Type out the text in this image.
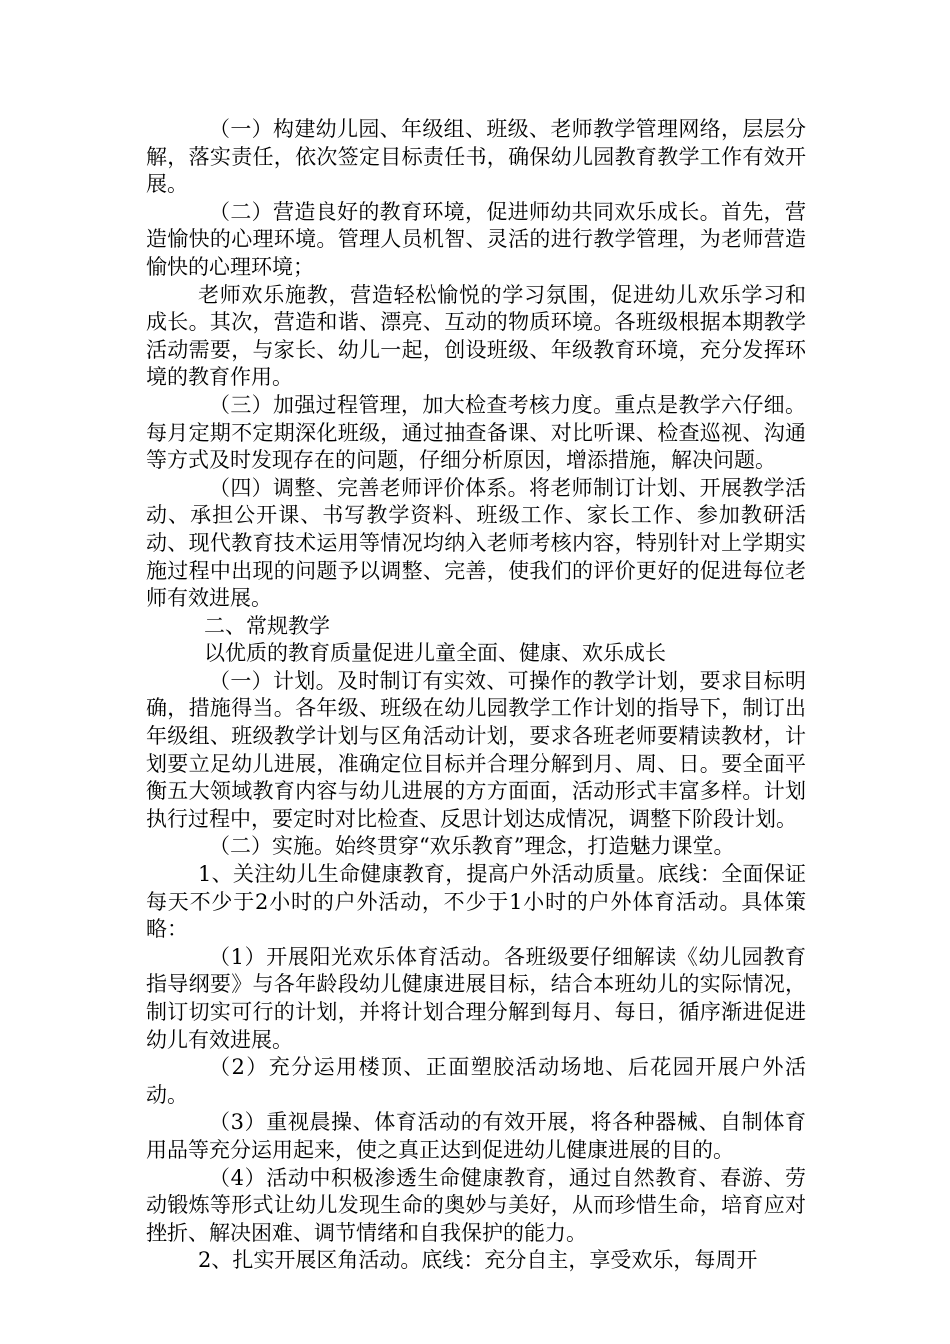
（一）构建幼儿园、年级组、班级、老师教学管理网络，层层分解，落实责任，依次签定目标责任书，确保幼儿园教育教学工作有效开展。

（二）营造良好的教育环境，促进师幼共同欢乐成长。首先，营造愉快的心理环境。管理人员机智、灵活的进行教学管理，为老师营造愉快的心理环境；

老师欢乐施教，营造轻松愉悦的学习氛围，促进幼儿欢乐学习和成长。其次，营造和谐、漂亮、互动的物质环境。各班级根据本期教学活动需要，与家长、幼儿一起，创设班级、年级教育环境，充分发挥环境的教育作用。

（三）加强过程管理，加大检查考核力度。重点是教学六仔细。每月定期不定期深化班级，通过抽查备课、对比听课、检查巡视、沟通等方式及时发现存在的问题，仔细分析原因，增添措施，解决问题。

（四）调整、完善老师评价体系。将老师制订计划、开展教学活动、承担公开课、书写教学资料、班级工作、家长工作、参加教研活动、现代教育技术运用等情况均纳入老师考核内容，特别针对上学期实施过程中出现的问题予以调整、完善，使我们的评价更好的促进每位老师有效进展。

二、常规教学

以优质的教育质量促进儿童全面、健康、欢乐成长

（一）计划。及时制订有实效、可操作的教学计划，要求目标明确，措施得当。各年级、班级在幼儿园教学工作计划的指导下，制订出年级组、班级教学计划与区角活动计划，要求各班老师要精读教材，计划要立足幼儿进展，准确定位目标并合理分解到月、周、日。要全面平衡五大领域教育内容与幼儿进展的方方面面，活动形式丰富多样。计划执行过程中，要定时对比检查、反思计划达成情况，调整下阶段计划。

（二）实施。始终贯穿“欢乐教育”理念，打造魅力课堂。

1、关注幼儿生命健康教育，提高户外活动质量。底线：全面保证每天不少于2小时的户外活动，不少于1小时的户外体育活动。具体策略：

（1）开展阳光欢乐体育活动。各班级要仔细解读《幼儿园教育指导纲要》与各年龄段幼儿健康进展目标，结合本班幼儿的实际情况，制订切实可行的计划，并将计划合理分解到每月、每日，循序渐进促进幼儿有效进展。

（2）充分运用楼顶、正面塑胶活动场地、后花园开展户外活动。

（3）重视晨操、体育活动的有效开展，将各种器械、自制体育用品等充分运用起来，使之真正达到促进幼儿健康进展的目的。

（4）活动中积极渗透生命健康教育，通过自然教育、春游、劳动锻炼等形式让幼儿发现生命的奥妙与美好，从而珍惜生命，培育应对挫折、解决困难、调节情绪和自我保护的能力。

2、扎实开展区角活动。底线：充分自主，享受欢乐，每周开
